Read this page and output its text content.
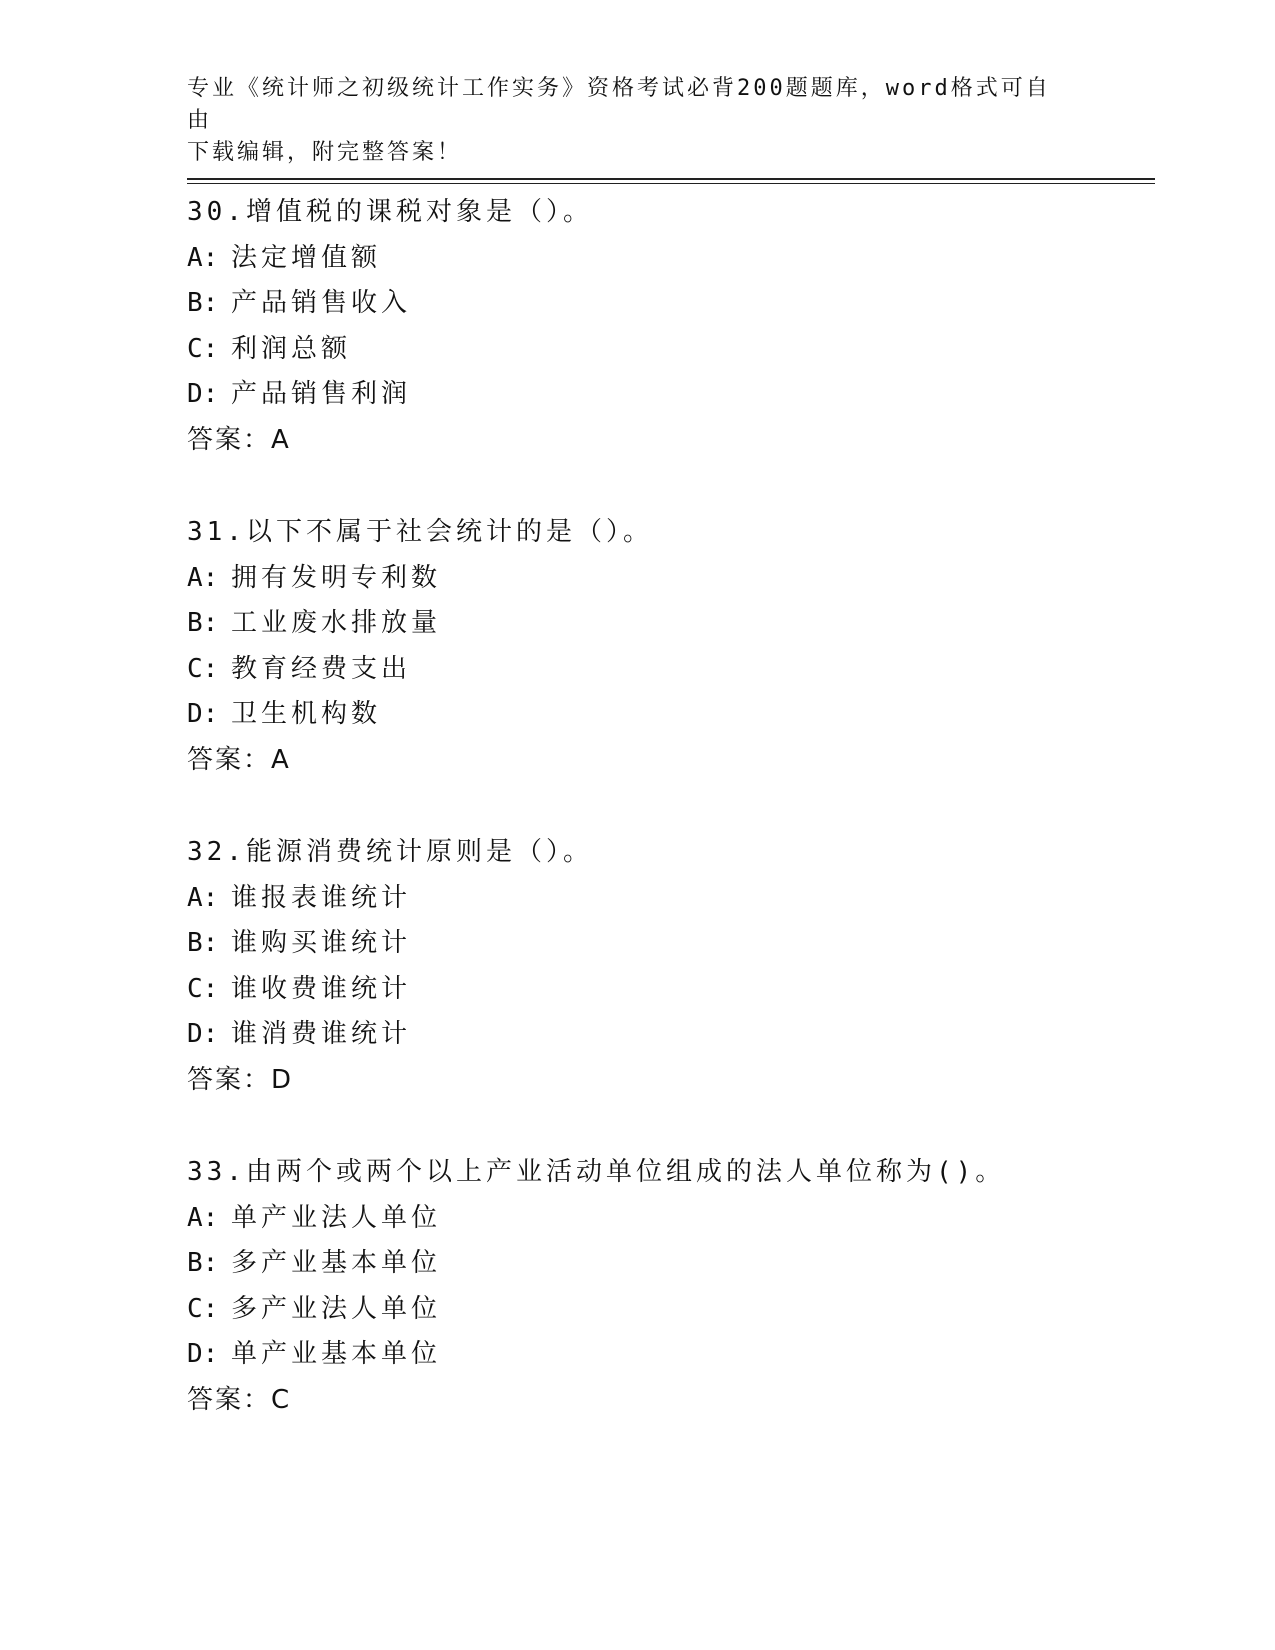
专业《统计师之初级统计工作实务》资格考试必背200题题库，word格式可自由
下载编辑，附完整答案！
30.增值税的课税对象是（）。
A: 法定增值额
B: 产品销售收入
C: 利润总额
D: 产品销售利润
答案：A
31.以下不属于社会统计的是（）。
A: 拥有发明专利数
B: 工业废水排放量
C: 教育经费支出
D: 卫生机构数
答案：A
32.能源消费统计原则是（）。
A: 谁报表谁统计
B: 谁购买谁统计
C: 谁收费谁统计
D: 谁消费谁统计
答案：D
33.由两个或两个以上产业活动单位组成的法人单位称为()。
A: 单产业法人单位
B: 多产业基本单位
C: 多产业法人单位
D: 单产业基本单位
答案：C
